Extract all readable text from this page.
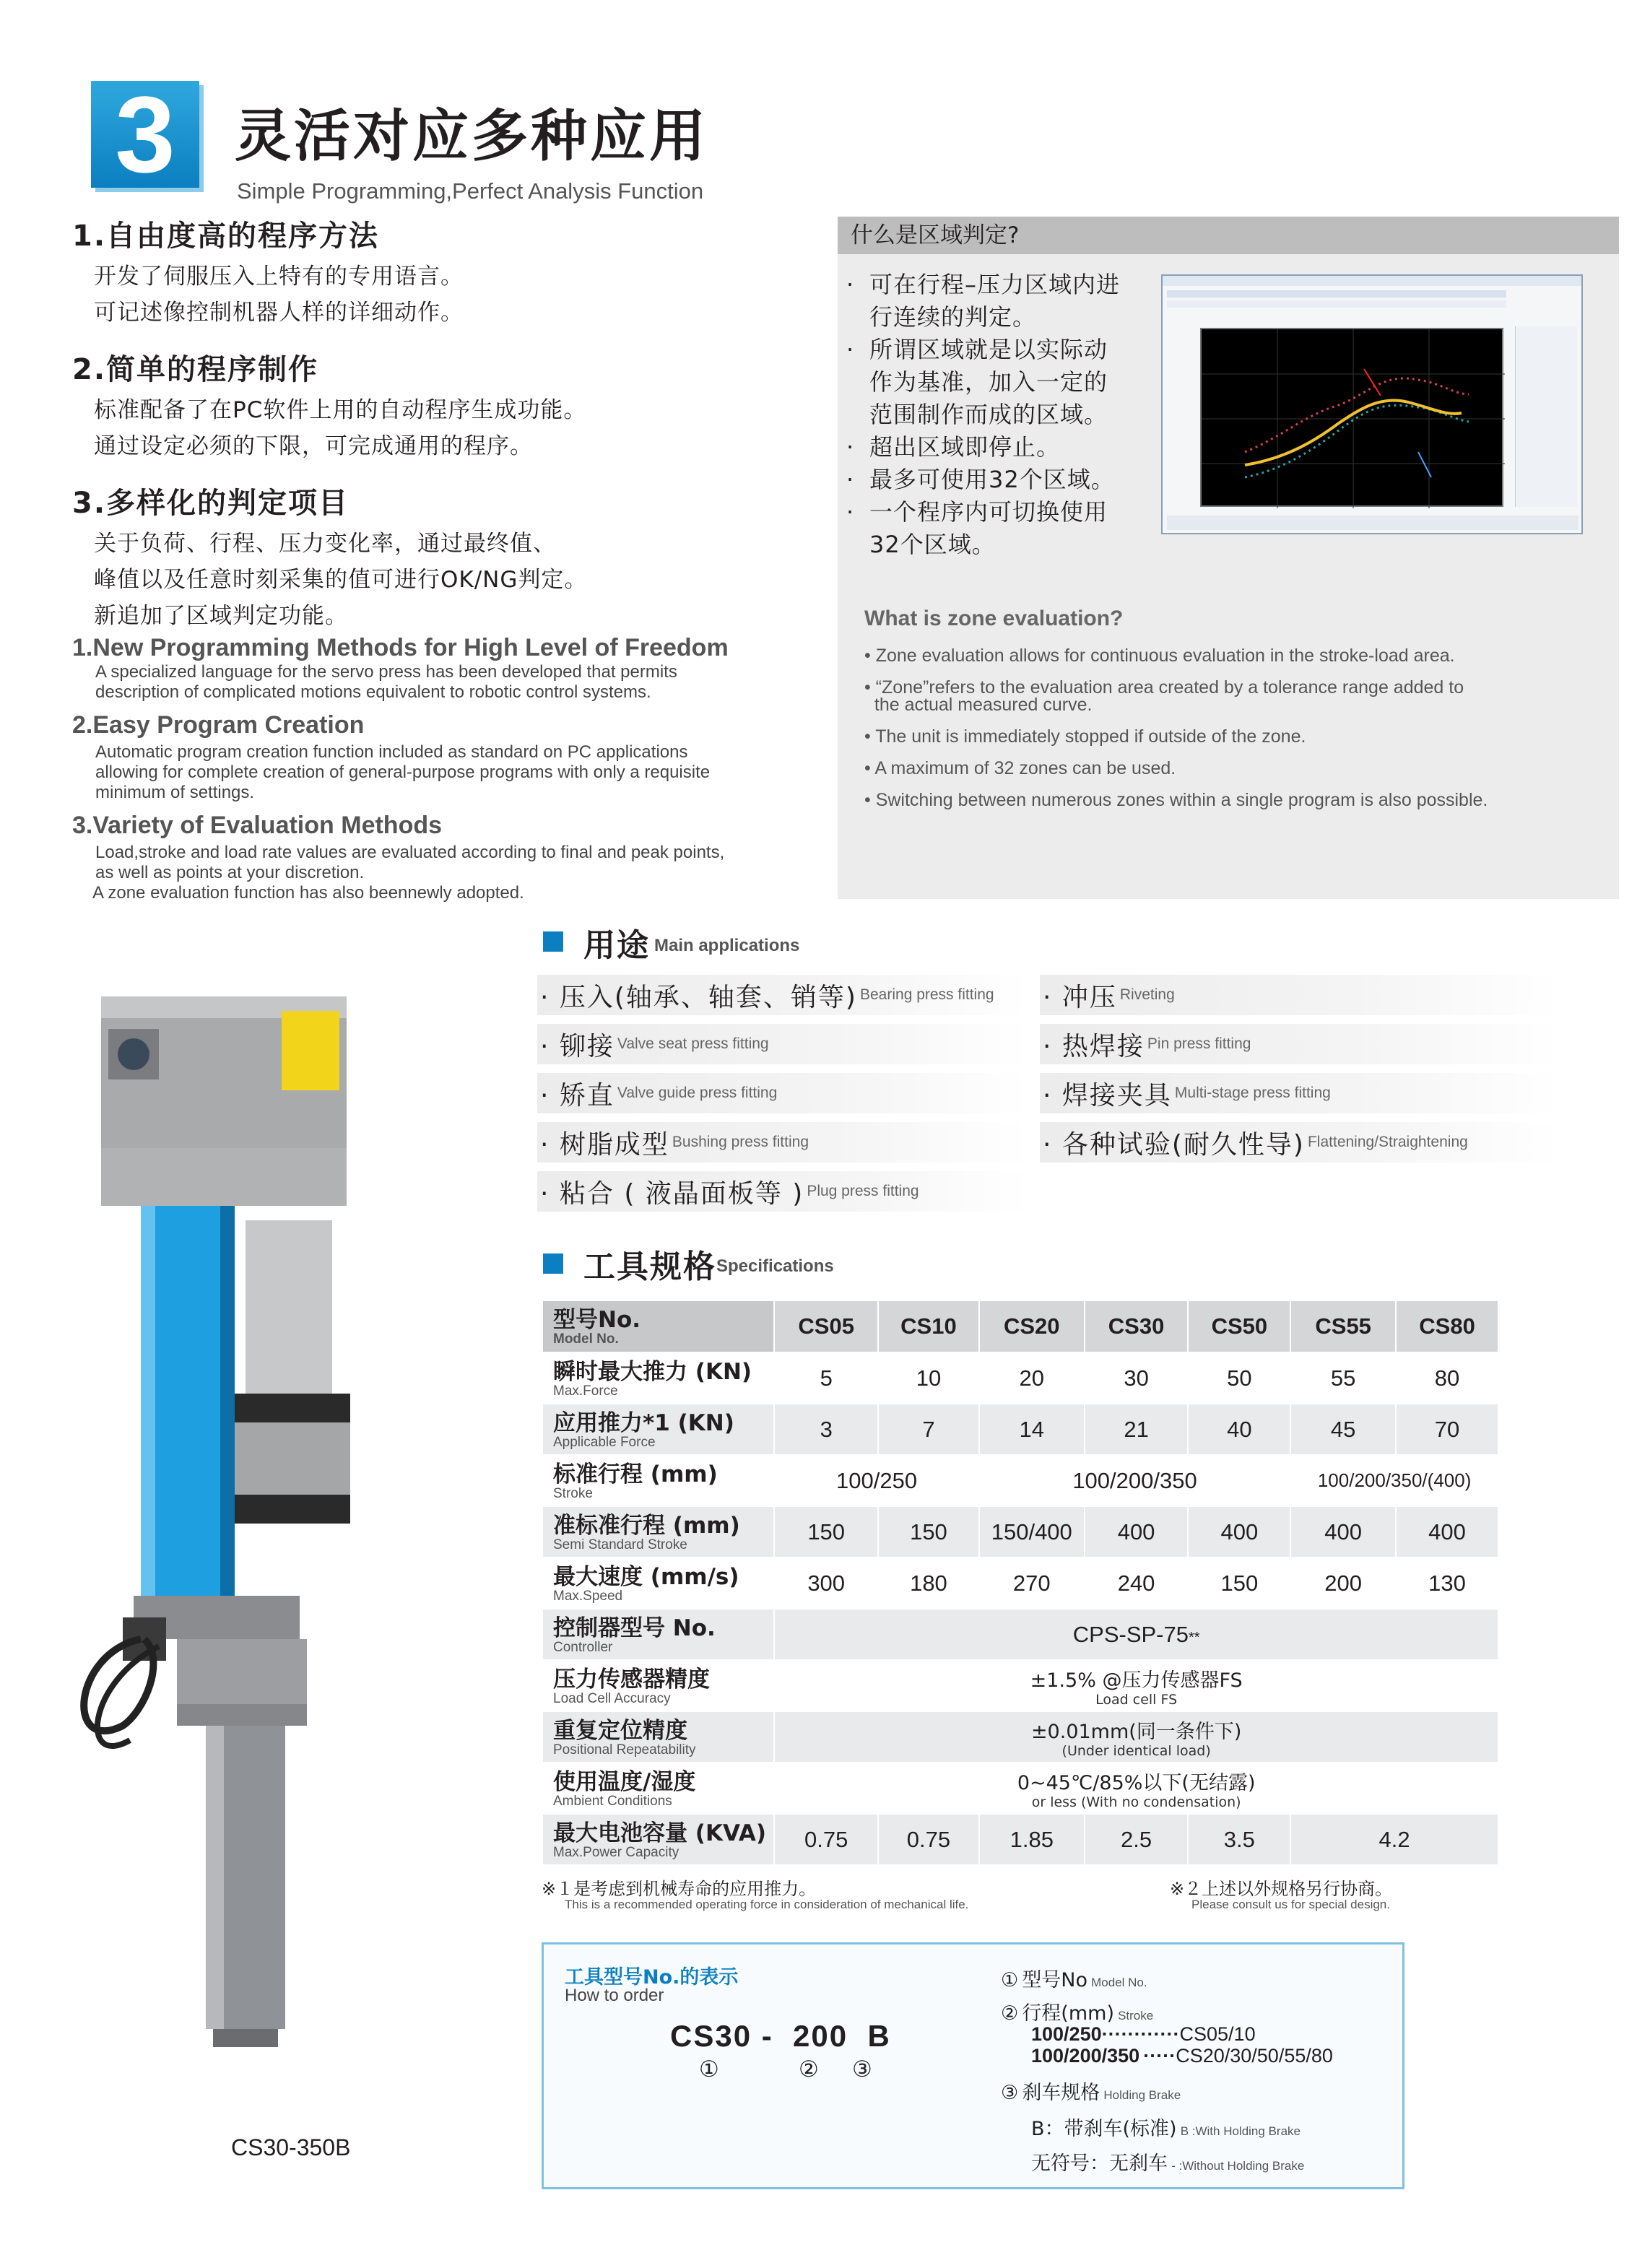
3	灵活对应多种应用
Simple Programming,Perfect Analysis Function
1.自由度高的程序方法
开发了伺服压入上特有的专用语言。
可记述像控制机器人样的详细动作。
2.简单的程序制作
标准配备了在PC软件上用的自动程序生成功能。
通过设定必须的下限，可完成通用的程序。
3.多样化的判定项目
关于负荷、行程、压力变化率，通过最终值、
峰值以及任意时刻采集的值可进行OK/NG判定。
新追加了区域判定功能。
1.New Programming Methods for High Level of Freedom
A specialized language for the servo press has been developed that permits
description of complicated motions equivalent to robotic control systems.
2.Easy Program Creation
Automatic program creation function included as standard on PC applications
allowing for complete creation of general-purpose programs with only a requisite
minimum of settings.
3.Variety of Evaluation Methods
Load,stroke and load rate values are evaluated according to final and peak points,
as well as points at your discretion.
A zone evaluation function has also beennewly adopted.
什么是区域判定?
· 可在行程–压力区域内进
行连续的判定。
· 所谓区域就是以实际动
作为基准，加入一定的
范围制作而成的区域。
· 超出区域即停止。
· 最多可使用32个区域。
· 一个程序内可切换使用
32个区域。
What is zone evaluation?
• Zone evaluation allows for continuous evaluation in the stroke-load area.
• “Zone”refers to the evaluation area created by a tolerance range added to
the actual measured curve.
• The unit is immediately stopped if outside of the zone.
• A maximum of 32 zones can be used.
• Switching between numerous zones within a single program is also possible.
CS30-350B
用途 Main applications
· 压入(轴承、轴套、销等) Bearing press fitting
· 铆接 Valve seat press fitting
· 矫直 Valve guide press fitting
· 树脂成型 Bushing press fitting
· 粘合 ( 液晶面板等 ) Plug press fitting
· 冲压 Riveting
· 热焊接 Pin press fitting
· 焊接夹具 Multi-stage press fitting
· 各种试验(耐久性导) Flattening/Straightening
工具规格 Specifications
型号No.
Model No.	CS05	CS10	CS20	CS30	CS50	CS55	CS80

瞬时最大推力 (KN)
Max.Force	5	10	20	30	50	55	80

应用推力*1 (KN)
Applicable Force	3	7	14	21	40	45	70

标准行程 (mm)
Stroke	100/250		100/200/350			100/200/350/(400)	

准标准行程 (mm)
Semi Standard Stroke	150	150	150/400	400	400	400	400

最大速度 (mm/s)
Max.Speed	300	180	270	240	150	200	130

控制器型号 No.
Controller	CPS-SP-75**						

压力传感器精度
Load Cell Accuracy	±1.5% @压力传感器FS
Load cell FS						

重复定位精度
Positional Repeatability	±0.01mm(同一条件下)
(Under identical load)						

使用温度/湿度
Ambient Conditions	0~45℃/85%以下(无结露)
or less (With no condensation)						

最大电池容量 (KVA)
Max.Power Capacity	0.75	0.75	1.85	2.5	3.5	4.2	
※１是考虑到机械寿命的应用推力。
This is a recommended operating force in consideration of mechanical life.
※２上述以外规格另行协商。
Please consult us for special design.
工具型号No.的表示
How to order
CS30 -  200  B
①	② ③
① 型号No Model No.
② 行程(mm) Stroke
100/250············CS05/10
100/200/350 ·····CS20/30/50/55/80
③ 刹车规格 Holding Brake
B：带刹车(标准) B :With Holding Brake
无符号：无刹车 - :Without Holding Brake
